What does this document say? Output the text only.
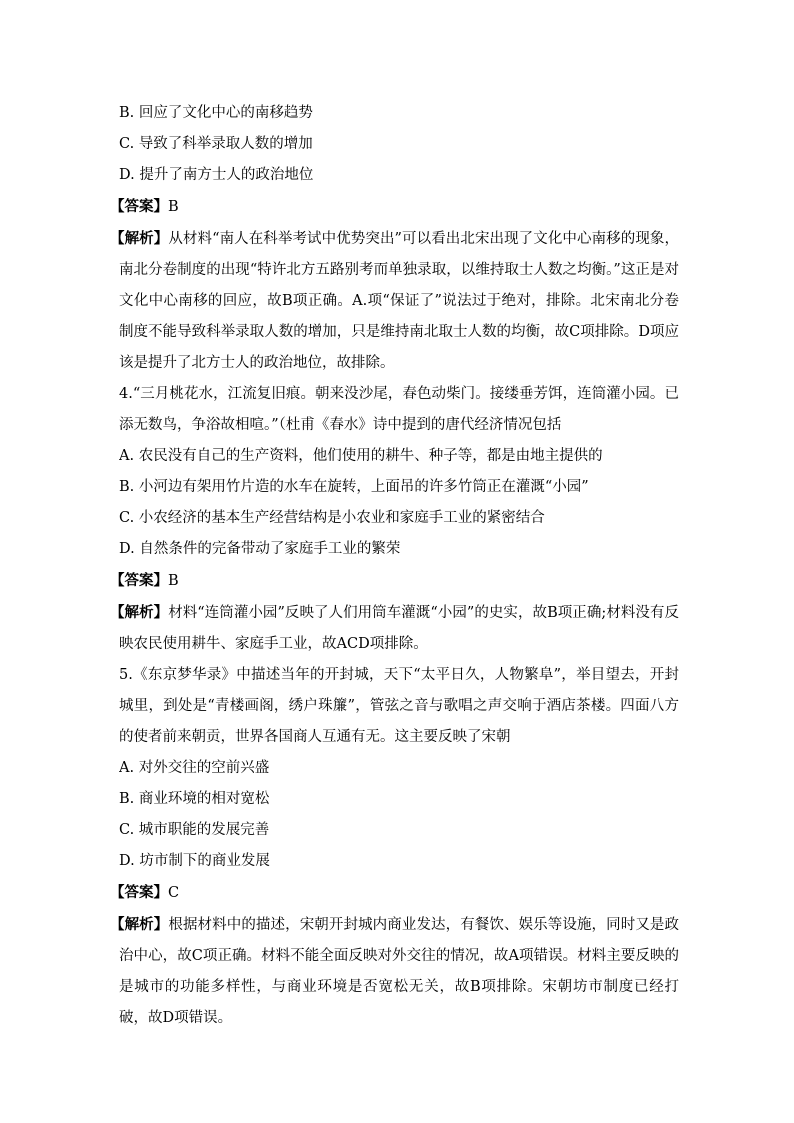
B. 回应了文化中心的南移趋势

C. 导致了科举录取人数的增加

D. 提升了南方士人的政治地位

【答案】B

【解析】从材料“南人在科举考试中优势突出”可以看出北宋出现了文化中心南移的现象，南北分卷制度的出现“特许北方五路别考而单独录取，以维持取士人数之均衡。”这正是对文化中心南移的回应，故B项正确。A.项“保证了”说法过于绝对，排除。北宋南北分卷制度不能导致科举录取人数的增加，只是维持南北取士人数的均衡，故C项排除。D项应该是提升了北方士人的政治地位，故排除。

4.“三月桃花水，江流复旧痕。朝来没沙尾，春色动柴门。接缕垂芳饵，连筒灌小园。已添无数鸟，争浴故相喧。”（杜甫《春水》诗中提到的唐代经济情况包括

A. 农民没有自己的生产资料，他们使用的耕牛、种子等，都是由地主提供的

B. 小河边有架用竹片造的水车在旋转，上面吊的许多竹筒正在灌溉“小园”

C. 小农经济的基本生产经营结构是小农业和家庭手工业的紧密结合

D. 自然条件的完备带动了家庭手工业的繁荣

【答案】B

【解析】材料“连筒灌小园”反映了人们用筒车灌溉“小园”的史实，故B项正确;材料没有反映农民使用耕牛、家庭手工业，故ACD项排除。

5.《东京梦华录》中描述当年的开封城，天下“太平日久，人物繁阜”，举目望去，开封城里，到处是“青楼画阁，绣户珠簾”，管弦之音与歌唱之声交响于酒店茶楼。四面八方的使者前来朝贡，世界各国商人互通有无。这主要反映了宋朝

A. 对外交往的空前兴盛

B. 商业环境的相对宽松

C. 城市职能的发展完善

D. 坊市制下的商业发展

【答案】C

【解析】根据材料中的描述，宋朝开封城内商业发达，有餐饮、娱乐等设施，同时又是政治中心，故C项正确。材料不能全面反映对外交往的情况，故A项错误。材料主要反映的是城市的功能多样性，与商业环境是否宽松无关，故B项排除。宋朝坊市制度已经打破，故D项错误。
